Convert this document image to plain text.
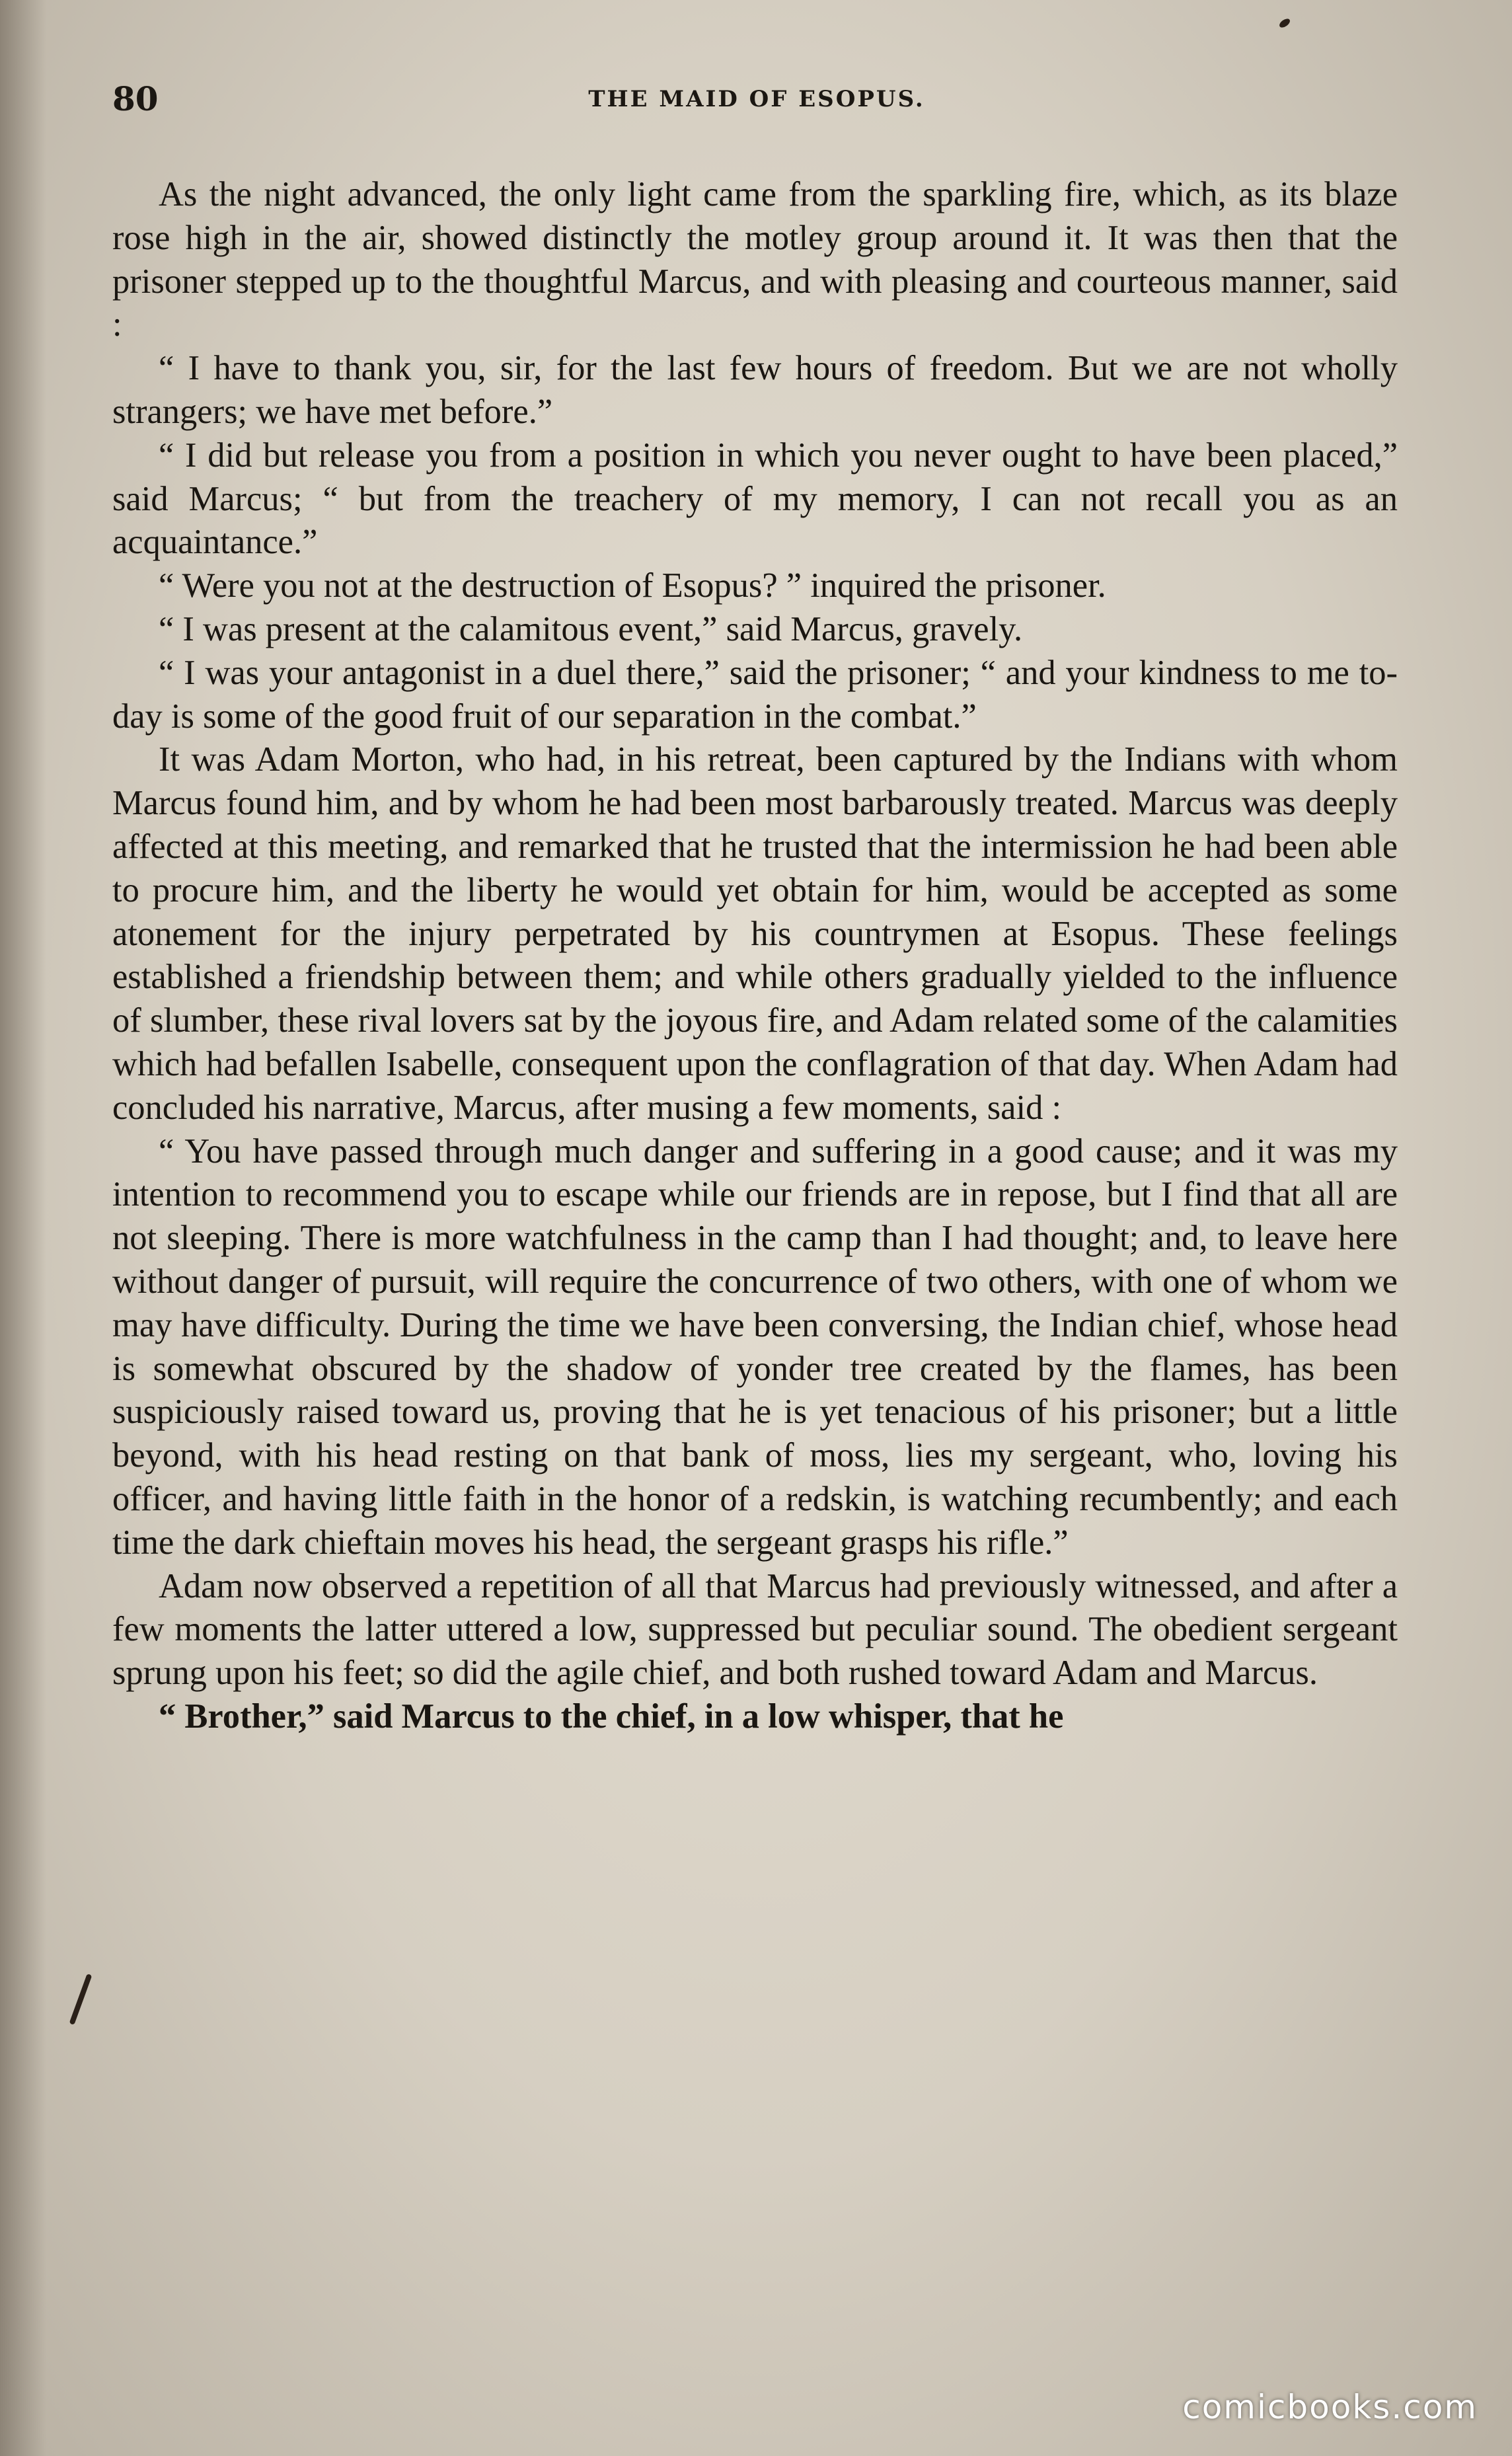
80	THE MAID OF ESOPUS.

As the night advanced, the only light came from the sparkling fire, which, as its blaze rose high in the air, showed distinctly the motley group around it. It was then that the prisoner stepped up to the thoughtful Marcus, and with pleasing and courteous manner, said :

“ I have to thank you, sir, for the last few hours of freedom. But we are not wholly strangers; we have met before.”

“ I did but release you from a position in which you never ought to have been placed,” said Marcus; “ but from the treachery of my memory, I can not recall you as an acquaintance.”

“ Were you not at the destruction of Esopus? ” inquired the prisoner.

“ I was present at the calamitous event,” said Marcus, gravely.

“ I was your antagonist in a duel there,” said the prisoner; “ and your kindness to me to-day is some of the good fruit of our separation in the combat.”

It was Adam Morton, who had, in his retreat, been captured by the Indians with whom Marcus found him, and by whom he had been most barbarously treated. Marcus was deeply affected at this meeting, and remarked that he trusted that the intermission he had been able to procure him, and the liberty he would yet obtain for him, would be accepted as some atonement for the injury perpetrated by his countrymen at Esopus. These feelings established a friendship between them; and while others gradually yielded to the influence of slumber, these rival lovers sat by the joyous fire, and Adam related some of the calamities which had befallen Isabelle, consequent upon the conflagration of that day. When Adam had concluded his narrative, Marcus, after musing a few moments, said :

“ You have passed through much danger and suffering in a good cause; and it was my intention to recommend you to escape while our friends are in repose, but I find that all are not sleeping. There is more watchfulness in the camp than I had thought; and, to leave here without danger of pursuit, will require the concurrence of two others, with one of whom we may have difficulty. During the time we have been conversing, the Indian chief, whose head is somewhat obscured by the shadow of yonder tree created by the flames, has been suspiciously raised toward us, proving that he is yet tenacious of his prisoner; but a little beyond, with his head resting on that bank of moss, lies my sergeant, who, loving his officer, and having little faith in the honor of a redskin, is watching recumbently; and each time the dark chieftain moves his head, the sergeant grasps his rifle.”

Adam now observed a repetition of all that Marcus had previously witnessed, and after a few moments the latter uttered a low, suppressed but peculiar sound. The obedient sergeant sprung upon his feet; so did the agile chief, and both rushed toward Adam and Marcus.

“ Brother,” said Marcus to the chief, in a low whisper, that he

comicbooks.com
